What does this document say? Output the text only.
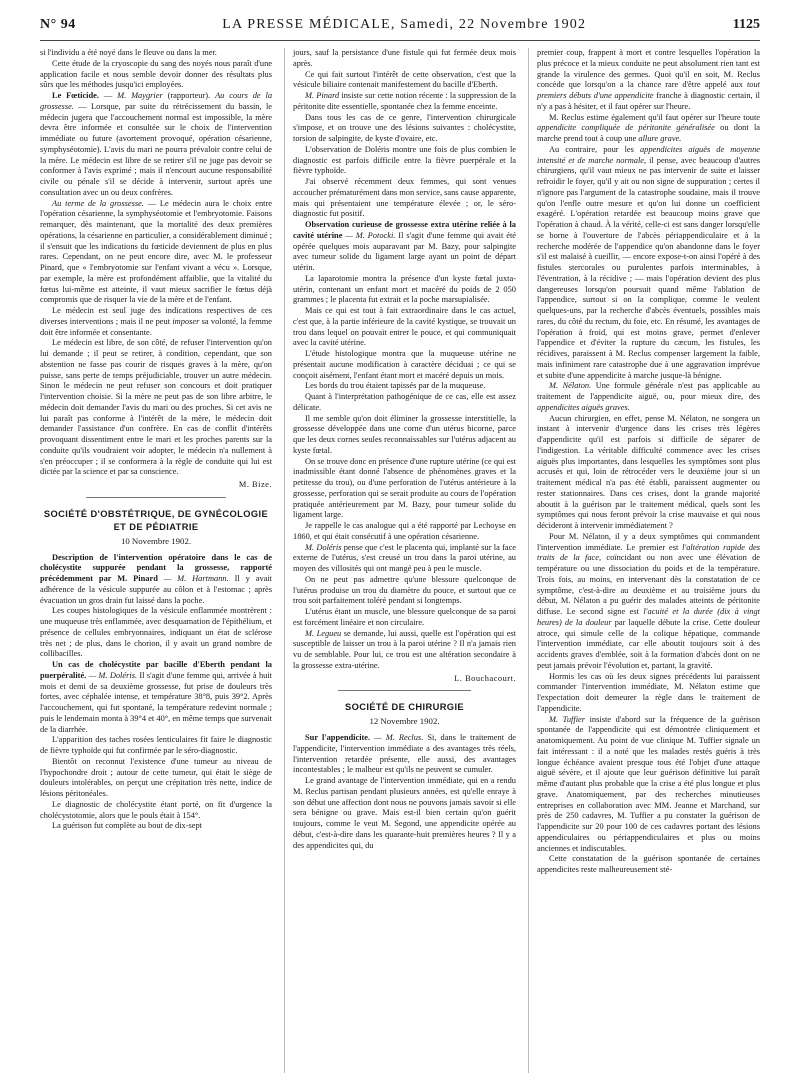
N° 94	LA PRESSE MÉDICALE, Samedi, 22 Novembre 1902	1125

si l'individu a été noyé dans le fleuve ou dans la mer.

Cette étude de la cryoscopie du sang des noyés nous paraît d'une application facile et nous semble devoir donner des résultats plus sûrs que les méthodes jusqu'ici employées.

Le Fœticide. — M. Maygrier (rapporteur). Au cours de la grossesse. — Lorsque, par suite du rétrécissement du bassin, le médecin jugera que l'accouchement normal est impossible, la mère devra être informée et consultée sur le choix de l'intervention immédiate ou future (avortement provoqué, opération césarienne, symphyséotomie). L'avis du mari ne pourra prévaloir contre celui de la mère. Le médecin est libre de se retirer s'il ne juge pas devoir se conformer à l'avis exprimé ; mais il n'encourt aucune responsabilité civile ou pénale s'il se décide à intervenir, surtout après une consultation avec un ou deux confrères.

Au terme de la grossesse. — Le médecin aura le choix entre l'opération césarienne, la symphyséotomie et l'embryotomie. Faisons remarquer, dès maintenant, que la mortalité des deux premières opérations, la césarienne en particulier, a considérablement diminué ; il s'ensuit que les indications du fœticide deviennent de plus en plus rares. Cependant, on ne peut encore dire, avec M. le professeur Pinard, que « l'embryotomie sur l'enfant vivant a vécu ». Lorsque, par exemple, la mère est profondément affaiblie, que la vitalité du fœtus lui-même est atteinte, il vaut mieux sacrifier le fœtus déjà compromis que de risquer la vie de la mère et de l'enfant.

Le médecin est seul juge des indications respectives de ces diverses interventions ; mais il ne peut imposer sa volonté, la femme doit être informée et consentante.

Le médecin est libre, de son côté, de refuser l'intervention qu'on lui demande ; il peut se retirer, à condition, cependant, que son abstention ne fasse pas courir de risques graves à la mère, qu'on puisse, sans perte de temps préjudiciable, trouver un autre médecin. Sinon le médecin ne peut refuser son concours et doit pratiquer l'intervention choisie. Si la mère ne peut pas de son libre arbitre, le médecin doit demander l'avis du mari ou des proches. Si cet avis ne lui paraît pas conforme à l'intérêt de la mère, le médecin doit demander l'assistance d'un confrère. En cas de conflit d'intérêts provoquant dissentiment entre le mari et les proches parents sur la conduite qu'ils voudraient voir adopter, le médecin n'a nullement à s'en préoccuper ; il se conformera à la règle de conduite qui lui est dictée par la science et par sa conscience.

M. Bize.

SOCIÉTÉ D'OBSTÉTRIQUE, DE GYNÉCOLOGIE
ET DE PÉDIATRIE
10 Novembre 1902.

Description de l'intervention opératoire dans le cas de cholécystite suppurée pendant la grossesse, rapporté précédemment par M. Pinard — M. Hartmann. Il y avait adhérence de la vésicule suppurée au côlon et à l'estomac ; après évacuation un gros drain fut laissé dans la poche.

Les coupes histologiques de la vésicule enflammée montrèrent : une muqueuse très enflammée, avec desquamation de l'épithélium, et présence de cellules embryonnaires, indiquant un état de sclérose très net ; de plus, dans le chorion, il y avait un grand nombre de collibacilles.

Un cas de cholécystite par bacille d'Eberth pendant la puerpéralité. — M. Doléris. Il s'agit d'une femme qui, arrivée à huit mois et demi de sa deuxième grossesse, fut prise de douleurs très fortes, avec céphalée intense, et température 38°8, puis 39°2. Après l'accouchement, qui fut spontané, la température redevint normale ; puis le lendemain monta à 39°4 et 40°, en même temps que survenait de la diarrhée.

L'apparition des taches rosées lenticulaires fit faire le diagnostic de fièvre typhoïde qui fut confirmée par le séro-diagnostic.

Bientôt on reconnut l'existence d'une tumeur au niveau de l'hypochondre droit ; autour de cette tumeur, qui était le siège de douleurs intolérables, on perçut une crépitation très nette, indice de lésions péritonéales.

Le diagnostic de cholécystite étant porté, on fit d'urgence la cholécystotomie, alors que le pouls était à 154°.

La guérison fut complète au bout de dix-sept

jours, sauf la persistance d'une fistule qui fut fermée deux mois après.

Ce qui fait surtout l'intérêt de cette observation, c'est que la vésicule biliaire contenait manifestement du bacille d'Eberth.

M. Pinard insiste sur cette notion récente : la suppression de la péritonite dite essentielle, spontanée chez la femme enceinte.

Dans tous les cas de ce genre, l'intervention chirurgicale s'impose, et on trouve une des lésions suivantes : cholécystite, torsion de salpingite, de kyste d'ovaire, etc.

L'observation de Doléris montre une fois de plus combien le diagnostic est parfois difficile entre la fièvre puerpérale et la fièvre typhoïde.

J'ai observé récemment deux femmes, qui sont venues accoucher prématurément dans mon service, sans cause apparente, mais qui présentaient une température élevée ; or, le séro-diagnostic fut positif.

Observation curieuse de grossesse extra utérine reliée à la cavité utérine — M. Potocki. Il s'agit d'une femme qui avait été opérée quelques mois auparavant par M. Bazy, pour salpingite avec tumeur solide du ligament large ayant un point de départ utérin.

La laparotomie montra la présence d'un kyste fœtal juxta-utérin, contenant un enfant mort et macéré du poids de 2 050 grammes ; le placenta fut extrait et la poche marsupialisée.

Mais ce qui est tout à fait extraordinaire dans le cas actuel, c'est que, à la partie inférieure de la cavité kystique, se trouvait un trou dans lequel on pouvait entrer le pouce, et qui communiquait avec la cavité utérine.

L'étude histologique montra que la muqueuse utérine ne présentait aucune modification à caractère déciduai ; ce qui se conçoit aisément, l'enfant étant mort et macéré depuis un mois.

Les bords du trou étaient tapissés par de la muqueuse.

Quant à l'interprétation pathogénique de ce cas, elle est assez délicate.

Il me semble qu'on doit éliminer la grossesse interstitielle, la grossesse développée dans une corne d'un utérus bicorne, parce que les deux cornes seules reconnaissables sur l'utérus adjacent au kyste fœtal.

On se trouve donc en présence d'une rupture utérine (ce qui est inadmissible étant donné l'absence de phénomènes graves et la petitesse du trou), ou d'une perforation de l'utérus antérieure à la grossesse, perforation qui se serait produite au cours de l'opération pratiquée antérieurement par M. Bazy, pour tumeur solide du ligament large.

Je rappelle le cas analogue qui a été rapporté par Lechoyse en 1860, et qui était consécutif à une opération césarienne.

M. Doléris pense que c'est le placenta qui, implanté sur la face externe de l'utérus, s'est creusé un trou dans la paroi utérine, au moyen des villosités qui ont mangé peu à peu le muscle.

On ne peut pas admettre qu'une blessure quelconque de l'utérus produise un trou du diamètre du pouce, et surtout que ce trou soit parfaitement toléré pendant si longtemps.

L'utérus étant un muscle, une blessure quelconque de sa paroi est forcément linéaire et non circulaire.

M. Legueu se demande, lui aussi, quelle est l'opération qui est susceptible de laisser un trou à la paroi utérine ? Il n'a jamais rien vu de semblable. Pour lui, ce trou est une altération secondaire à la grossesse extra-utérine.

L. Bouchacourt.

SOCIÉTÉ DE CHIRURGIE
12 Novembre 1902.

Sur l'appendicite. — M. Reclus. Si, dans le traitement de l'appendicite, l'intervention immédiate a des avantages très réels, l'intervention retardée présente, elle aussi, des avantages incontestables ; le malheur est qu'ils ne peuvent se cumuler.

Le grand avantage de l'intervention immédiate, qui en a rendu M. Reclus partisan pendant plusieurs années, est qu'elle enraye à son début une affection dont nous ne pouvons jamais savoir si elle sera bénigne ou grave. Mais est-il bien certain qu'on guérit toujours, comme le veut M. Segond, une appendicite opérée au début, c'est-à-dire dans les quarante-huit premières heures ? Il y a des appendicites qui, du

premier coup, frappent à mort et contre lesquelles l'opération la plus précoce et la mieux conduite ne peut absolument rien tant est grande la virulence des germes. Quoi qu'il en soit, M. Reclus concède que lorsqu'on a la chance rare d'être appelé aux tout premiers débuts d'une appendicite franche à diagnostic certain, il n'y a pas à hésiter, et il faut opérer sur l'heure.

M. Reclus estime également qu'il faut opérer sur l'heure toute appendicite compliquée de péritonite généralisée ou dont la marche prend tout à coup une allure grave.

Au contraire, pour les appendicites aiguës de moyenne intensité et de marche normale, il pense, avec beaucoup d'autres chirurgiens, qu'il vaut mieux ne pas intervenir de suite et laisser refroidir le foyer, qu'il y ait ou non signe de suppuration ; certes il n'ignore pas l'argument de la catastrophe soudaine, mais il trouve qu'on l'enfle outre mesure et qu'on lui donne un coefficient exagéré. L'opération retardée est beaucoup moins grave que l'opération à chaud. À la vérité, celle-ci est sans danger lorsqu'elle se borne à l'ouverture de l'abcès périappendiculaire et à la recherche modérée de l'appendice qu'on abandonne dans le foyer s'il est malaisé à cueillir, — encore expose-t-on ainsi l'opéré à des fistules stercorales ou purulentes parfois interminables, à l'éventration, à la récidive ; — mais l'opération devient des plus dangereuses lorsqu'on poursuit quand même l'ablation de l'appendice, surtout si on la complique, comme le veulent quelques-uns, par la recherche d'abcès éventuels, possibles mais rares, du côté du rectum, du foie, etc. En résumé, les avantages de l'opération à froid, qui est moins grave, permet d'enlever l'appendice et d'éviter la rupture du cæcum, les fistules, les récidives, paraissent à M. Reclus compenser largement la faible, mais infiniment rare catastrophe due à une aggravation imprévue et subite d'une appendicite à marche jusque-là bénigne.

M. Nélaton. Une formule générale n'est pas applicable au traitement de l'appendicite aiguë, ou, pour mieux dire, des appendicites aiguës graves.

Aucun chirurgien, en effet, pense M. Nélaton, ne songera un instant à intervenir d'urgence dans les crises très légères d'appendicite qu'il est parfois si difficile de séparer de l'indigestion. La véritable difficulté commence avec les crises aiguës plus importantes, dans lesquelles les symptômes sont plus accusés et qui, loin de rétrocéder vers le deuxième jour si un traitement médical n'a pas été établi, paraissent augmenter ou rester stationnaires. Dans ces crises, dont la grande majorité aboutit à la guérison par le traitement médical, quels sont les symptômes qui nous feront prévoir la crise mauvaise et qui nous décideront à intervenir immédiatement ?

Pour M. Nélaton, il y a deux symptômes qui commandent l'intervention immédiate. Le premier est l'altération rapide des traits de la face, coïncidant ou non avec une élévation de température ou une dissociation du poids et de la température. Trois fois, au moins, en intervenant dès la constatation de ce symptôme, c'est-à-dire au deuxième et au troisième jours du début, M. Nélaton a pu guérir des malades atteints de péritonite diffuse. Le second signe est l'acuité et la durée (dix à vingt heures) de la douleur par laquelle débute la crise. Cette douleur atroce, qui simule celle de la colique hépatique, commande l'intervention immédiate, car elle aboutit toujours soit à des accidents graves d'emblée, soit à la formation d'abcès dont on ne peut jamais prévoir l'évolution et, partant, la gravité.

Hormis les cas où les deux signes précédents lui paraissent commander l'intervention immédiate, M. Nélaton estime que l'expectation doit demeurer la règle dans le traitement de l'appendicite.

M. Tuffier insiste d'abord sur la fréquence de la guérison spontanée de l'appendicite qui est démontrée cliniquement et anatomiquement. Au point de vue clinique M. Tuffier signale un fait intéressant : il a noté que les malades restés guéris à très longue échéance avaient presque tous été l'objet d'une attaque aiguë sévère, et il ajoute que leur guérison définitive lui paraît même d'autant plus probable que la crise a été plus longue et plus grave. Anatomiquement, par des recherches minutieuses entreprises en collaboration avec MM. Jeanne et Marchand, sur près de 250 cadavres, M. Tuffier a pu constater la guérison de l'appendicite sur 20 pour 100 de ces cadavres portant des lésions appendiculaires ou périappendiculaires et plus ou moins anciennes et indiscutables.

Cette constatation de la guérison spontanée de certaines appendicites reste malheureusement sté-
